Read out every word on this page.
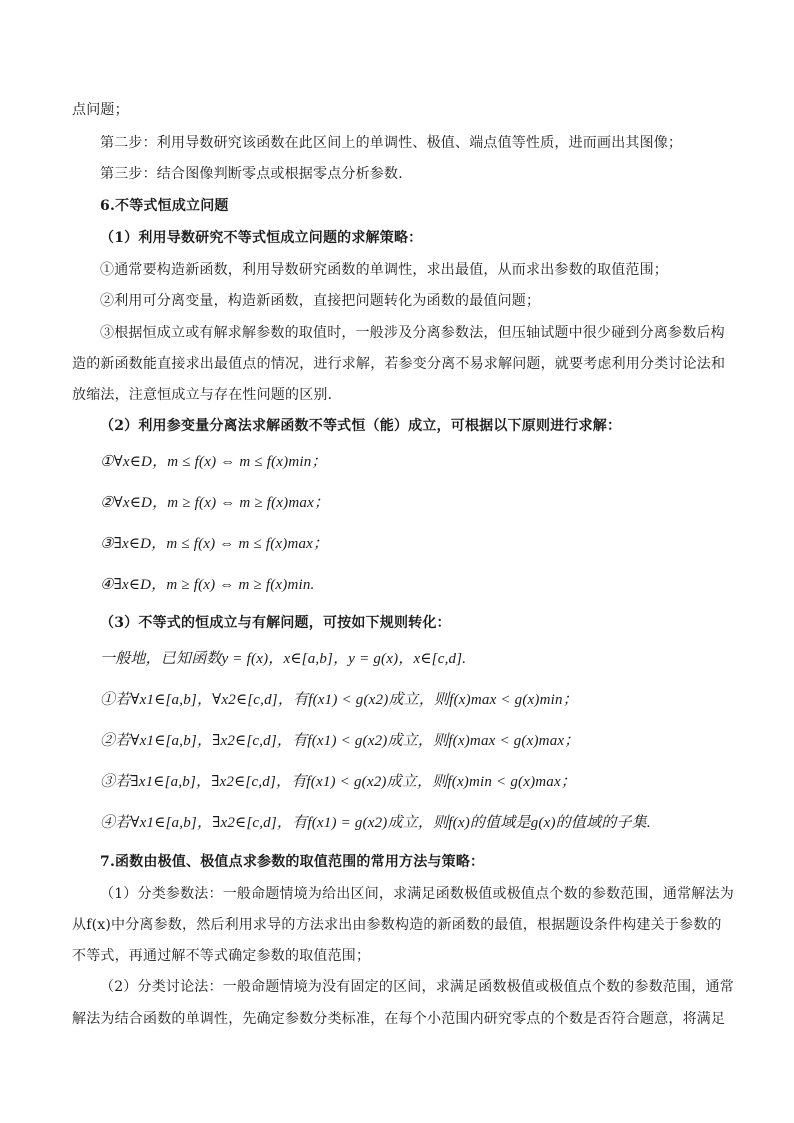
点问题；
第二步：利用导数研究该函数在此区间上的单调性、极值、端点值等性质，进而画出其图像；
第三步：结合图像判断零点或根据零点分析参数.
6.不等式恒成立问题
（1）利用导数研究不等式恒成立问题的求解策略：
①通常要构造新函数，利用导数研究函数的单调性，求出最值，从而求出参数的取值范围；
②利用可分离变量，构造新函数，直接把问题转化为函数的最值问题；
③根据恒成立或有解求解参数的取值时，一般涉及分离参数法，但压轴试题中很少碰到分离参数后构
造的新函数能直接求出最值点的情况，进行求解，若参变分离不易求解问题，就要考虑利用分类讨论法和
放缩法，注意恒成立与存在性问题的区别．
（2）利用参变量分离法求解函数不等式恒（能）成立，可根据以下原则进行求解：
①∀x∈D，m ≤ f(x) ⇔ m ≤ f(x)min；
②∀x∈D，m ≥ f(x) ⇔ m ≥ f(x)max；
③∃x∈D，m ≤ f(x) ⇔ m ≤ f(x)max；
④∃x∈D，m ≥ f(x) ⇔ m ≥ f(x)min.
（3）不等式的恒成立与有解问题，可按如下规则转化：
一般地，已知函数y = f(x)，x∈[a,b]，y = g(x)，x∈[c,d].
①若∀x1∈[a,b]，∀x2∈[c,d]，有f(x1) < g(x2)成立，则f(x)max < g(x)min；
②若∀x1∈[a,b]，∃x2∈[c,d]，有f(x1) < g(x2)成立，则f(x)max < g(x)max；
③若∃x1∈[a,b]，∃x2∈[c,d]，有f(x1) < g(x2)成立，则f(x)min < g(x)max；
④若∀x1∈[a,b]，∃x2∈[c,d]，有f(x1) = g(x2)成立，则f(x)的值域是g(x)的值域的子集.
7.函数由极值、极值点求参数的取值范围的常用方法与策略：
（1）分类参数法：一般命题情境为给出区间，求满足函数极值或极值点个数的参数范围，通常解法为
从f(x)中分离参数，然后利用求导的方法求出由参数构造的新函数的最值，根据题设条件构建关于参数的
不等式，再通过解不等式确定参数的取值范围；
（2）分类讨论法：一般命题情境为没有固定的区间，求满足函数极值或极值点个数的参数范围，通常
解法为结合函数的单调性，先确定参数分类标准，在每个小范围内研究零点的个数是否符合题意，将满足
